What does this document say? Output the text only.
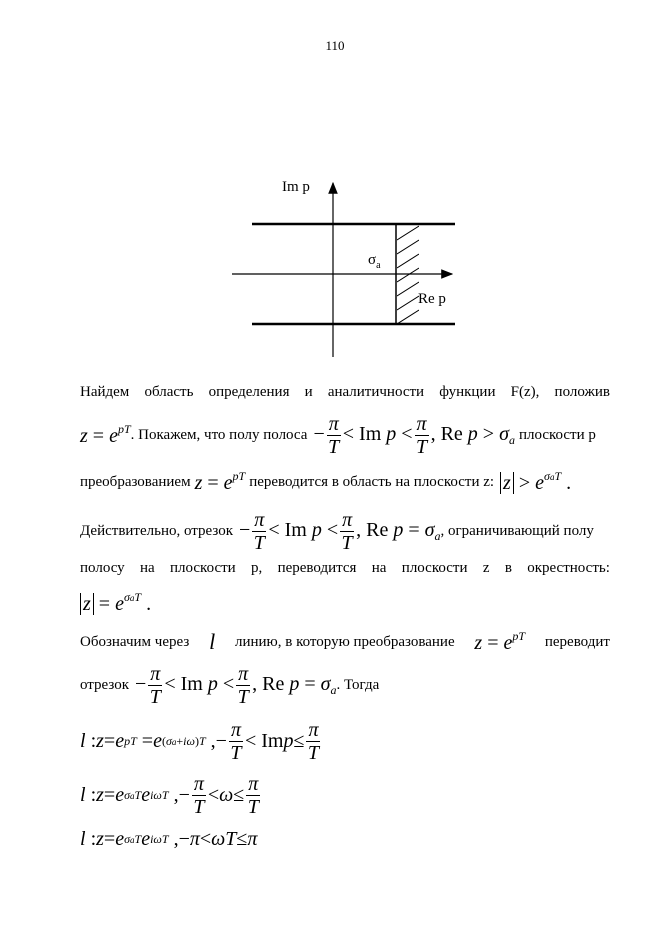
110
Im p
Re p
$\sigma_a$
Найдем область определения и аналитичности функции F(z), положив
$z = e^{pT}$ . Покажем, что полу полоса − $\frac{\pi}{T} < Im$ $p < \frac{\pi}{T}$ , Re $p > \sigma_a$ плоскости p
преобразованием $z = e^{pT}$ переводится в область на плоскости z: $z > e^{\sigma aT}$ .
Действительно, отрезок − $\frac{\pi}{T} < Im$ $p < \frac{\pi}{T}$ , Re $p = \sigma_a$ , ограничивающий полу
полосу на плоскости p, переводится на плоскости z в окрестность:
$z = e^{\sigma aT}$ .
Обозначим через l линию, в которую преобразование $z = e^{pT}$ переводит
отрезок − $\frac{\pi}{T} < Im$ $p < \frac{\pi}{T}$ , Re $p = \sigma_a$ . Тогда
l : z = e pT = e (σa+iω)T ,− $\frac{\pi}{T} < Im$ $p \le \frac{\pi}{T}$
l : z = e σaT e iωT ,− $\frac{\pi}{T} < \omega \le \frac{\pi}{T}$
l : z = e σaT e iωT ,− π < ωT ≤ π
